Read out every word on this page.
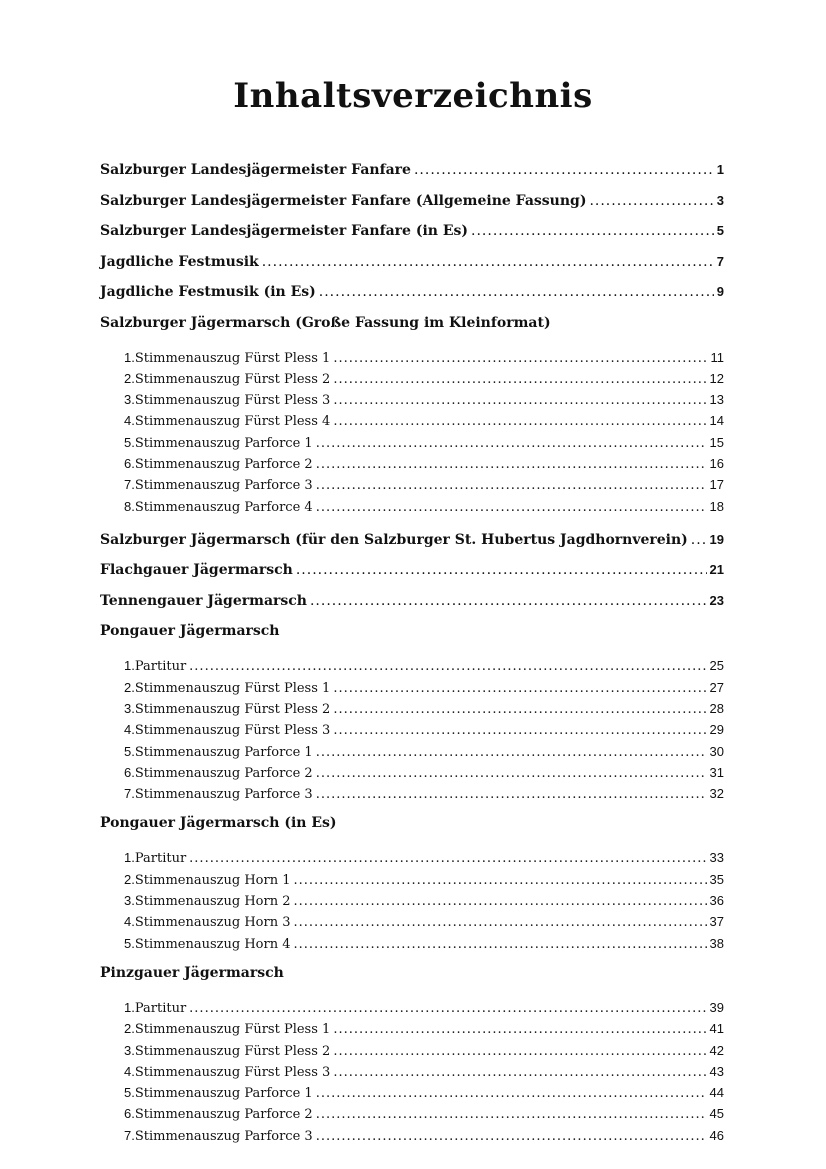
Inhaltsverzeichnis
Salzburger Landesjägermeister Fanfare .....	1
Salzburger Landesjägermeister Fanfare (Allgemeine Fassung) .....	3
Salzburger Landesjägermeister Fanfare (in Es) .....	5
Jagdliche Festmusik .....	7
Jagdliche Festmusik (in Es) .....	9
Salzburger Jägermarsch (Große Fassung im Kleinformat)
1. Stimmenauszug Fürst Pless 1 .....	11
2. Stimmenauszug Fürst Pless 2 .....	12
3. Stimmenauszug Fürst Pless 3 .....	13
4. Stimmenauszug Fürst Pless 4 .....	14
5. Stimmenauszug Parforce 1 .....	15
6. Stimmenauszug Parforce 2 .....	16
7. Stimmenauszug Parforce 3 .....	17
8. Stimmenauszug Parforce 4 .....	18
Salzburger Jägermarsch (für den Salzburger St. Hubertus Jagdhornverein) ..... 19
Flachgauer Jägermarsch .....	21
Tennengauer Jägermarsch .....	23
Pongauer Jägermarsch
1. Partitur .....	25
2. Stimmenauszug Fürst Pless 1 .....	27
3. Stimmenauszug Fürst Pless 2 .....	28
4. Stimmenauszug Fürst Pless 3 .....	29
5. Stimmenauszug Parforce 1 .....	30
6. Stimmenauszug Parforce 2 .....	31
7. Stimmenauszug Parforce 3 .....	32
Pongauer Jägermarsch (in Es)
1. Partitur .....	33
2. Stimmenauszug Horn 1 .....	35
3. Stimmenauszug Horn 2 .....	36
4. Stimmenauszug Horn 3 .....	37
5. Stimmenauszug Horn 4 .....	38
Pinzgauer Jägermarsch
1. Partitur .....	39
2. Stimmenauszug Fürst Pless 1 .....	41
3. Stimmenauszug Fürst Pless 2 .....	42
4. Stimmenauszug Fürst Pless 3 .....	43
5. Stimmenauszug Parforce 1 .....	44
6. Stimmenauszug Parforce 2 .....	45
7. Stimmenauszug Parforce 3 .....	46
